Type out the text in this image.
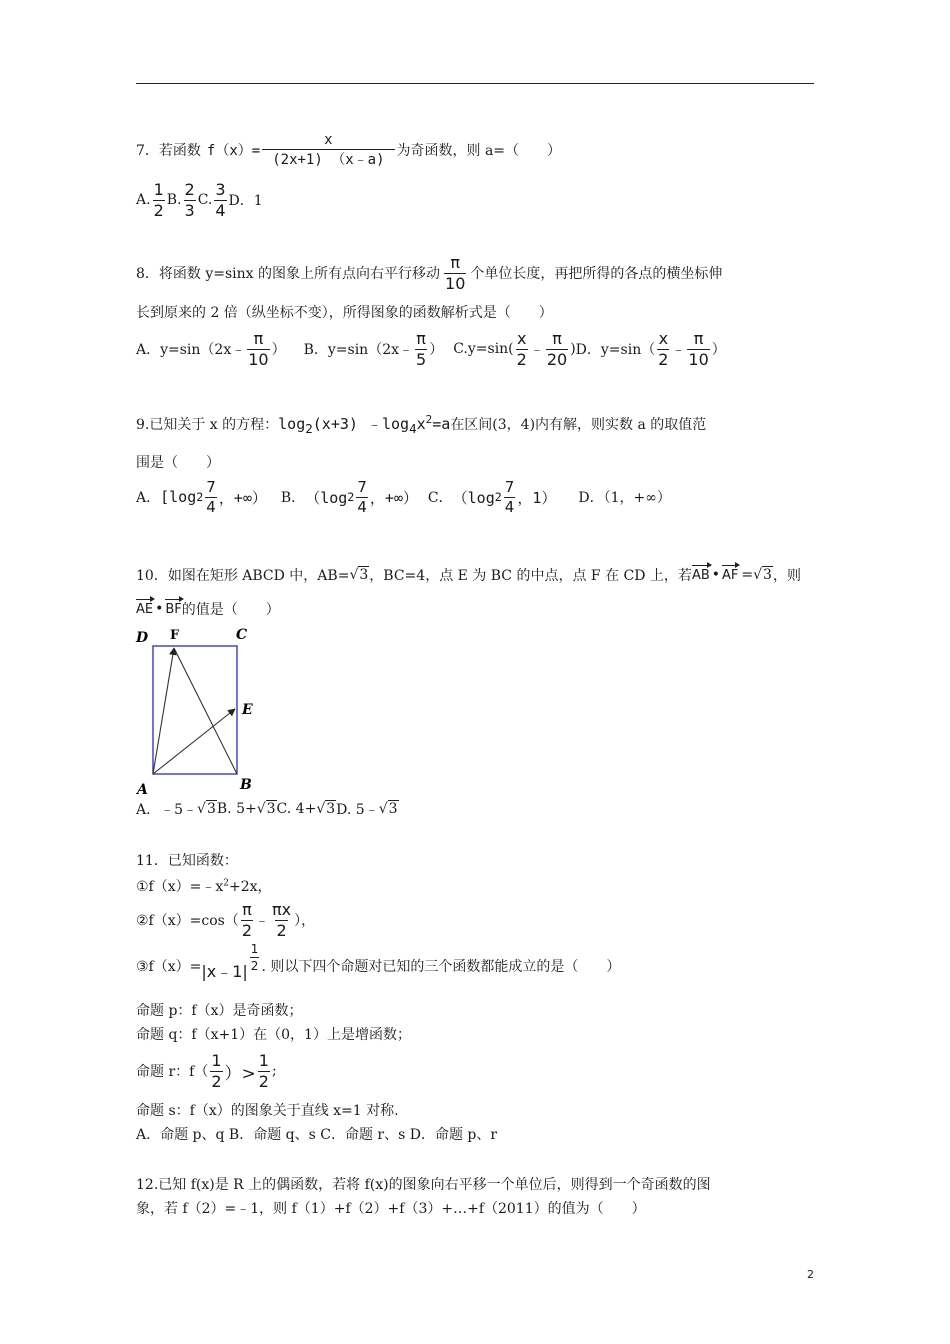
7．若函数 $f(x)= \frac{x}{(2x+1) (x﹣a)}$ 为奇函数，则 a=（　　）
A. $\frac{1}{2} B$. $\frac{2}{3} C$. $\frac{3}{4}$ D．1
8．将函数 y=sinx 的图象上所有点向右平行移动 $\frac{\pi}{10}$ 个单位长度，再把所得的各点的横坐标伸
长到原来的 2 倍（纵坐标不变），所得图象的函数解析式是（　　）
A．y=sin（2x﹣ $\frac{\pi}{10}$ ） B．y=sin（2x﹣ $\frac{\pi}{5}$ ） $C.y=\sin( \frac{x}{2}$ ﹣ $\frac{\pi}{20}$ ) D．$y=\sin( \frac{x}{2}$ ﹣ $\frac{\pi}{10}$ ）
9.已知关于 x 的方程： $\log_2(x+3)$ $﹣\log_4x^2=a$ 在区间(3，4)内有解，则实数 a 的取值范
围是（　　）
A． [log $2 \frac{7}{4}$ ，+∞） B． （log $2 \frac{7}{4}$ ，+∞） C． （log $2 \frac{7}{4}$ ，1） D．（1，+∞）
10．如图在矩形 ABCD 中，AB= √3 ，BC=4，点 E 为 BC 的中点，点 F 在 CD 上，若 AB • AF = √3 ，则
AE • BF 的值是（　　）
D F	C
E
A	B
A．﹣5﹣ √3 B. 5+ √3 C. 4+ √3 D. 5﹣ √3
11．已知函数：
$①f(x)=﹣x^2+2x$，
②f（x）=cos（ $\frac{\pi}{2}$ ﹣ $\frac{\pi x}{2}$ ），
③f（x）= |x﹣1| $\frac{1}{2}$ . 则以下四个命题对已知的三个函数都能成立的是（　　）
命题 p：f（x）是奇函数；
命题 q：f（x+1）在（0，1）上是增函数；
命题 r：$f( \frac{1}{2}$ ）> $\frac{1}{2}$ ;
命题 s：f（x）的图象关于直线 x=1 对称.
A．命题 p、q B．命题 q、s C．命题 r、s D．命题 p、r
12.已知 f(x)是 R 上的偶函数，若将 f(x)的图象向右平移一个单位后，则得到一个奇函数的图
象，若 f（2）=﹣1，则 f（1）+f（2）+f（3）+…+f（2011）的值为（　　）
2
